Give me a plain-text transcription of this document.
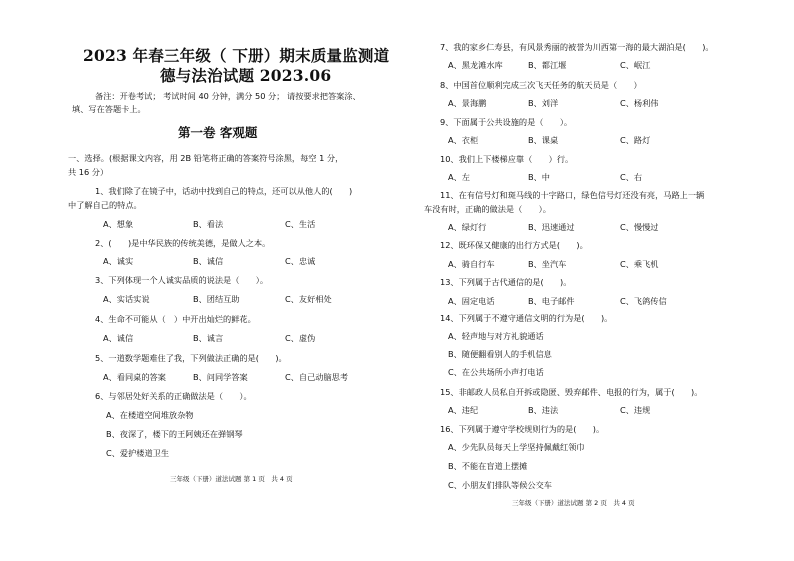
2023 年春三年级（ 下册）期末质量监测道
德与法治试题 2023.06
备注：开卷考试； 考试时间 40 分钟，满分 50 分； 请按要求把答案涂、
填、写在答题卡上。
第一卷 客观题
一、选择。(根据课文内容，用 2B 铅笔将正确的答案符号涂黑，每空 1 分，
共 16 分）
1、我们除了在镜子中，话动中找到自己的特点，还可以从他人的(　　)
中了解自己的特点。
A、想象	B、看法	C、生活
2、(　　)是中华民族的传统美德，是做人之本。
A、诚实	B、诚信	C、忠诚
3、下列体现一个人诚实品质的说法是（　　）。
A、实话实说	B、团结互助	C、友好相处
4、生命不可能从（　）中开出灿烂的鲜花。
A、诚信	B、诚言	C、虚伪
5、一道数学题难住了我，下列做法正确的是(　　)。
A、看同桌的答案	B、问同学答案	C、自己动脑思考
6、与邻居处好关系的正确做法是（　　）。
A、在楼道空间堆放杂物
B、夜深了，楼下的王阿姨还在弹钢琴
C、爱护楼道卫生
三年级（下册）道法试题 第 1 页　共 4 页
7、我的家乡仁寿县，有风景秀丽的被誉为川西第一海的最大湖泊是(　　)。
A、黑龙滩水库	B、都江堰	C、岷江
8、中国首位顺利完成三次飞天任务的航天员是（　　）
A、景海鹏	B、刘洋	C、杨利伟
9、下面属于公共设施的是（　　）。
A、衣柜	B、课桌	C、路灯
10、我们上下楼梯应靠（　　）行。
A、左	B、中	C、右
11、在有信号灯和斑马线的十字路口，绿色信号灯还没有亮，马路上一辆
车没有时，正确的做法是（　　）。
A、绿灯行	B、迅速通过	C、慢慢过
12、既环保又健康的出行方式是(　　)。
A、骑自行车	B、坐汽车	C、乘飞机
13、下列属于古代通信的是(　　)。
A、固定电话	B、电子邮件	C、飞鸽传信
14、下列属于不遵守通信文明的行为是(　　)。
A、轻声地与对方礼貌通话
B、随便翻看别人的手机信息
C、在公共场所小声打电话
15、非邮政人员私自开拆或隐匿、毁弃邮件、电报的行为，属于(　　)。
A、违纪	B、违法	C、违规
16、下列属于遵守学校规则行为的是(　　)。
A、少先队员每天上学坚持佩戴红领巾
B、不能在盲道上摆摊
C、小朋友们排队等候公交车
三年级（下册）道法试题 第 2 页　共 4 页
